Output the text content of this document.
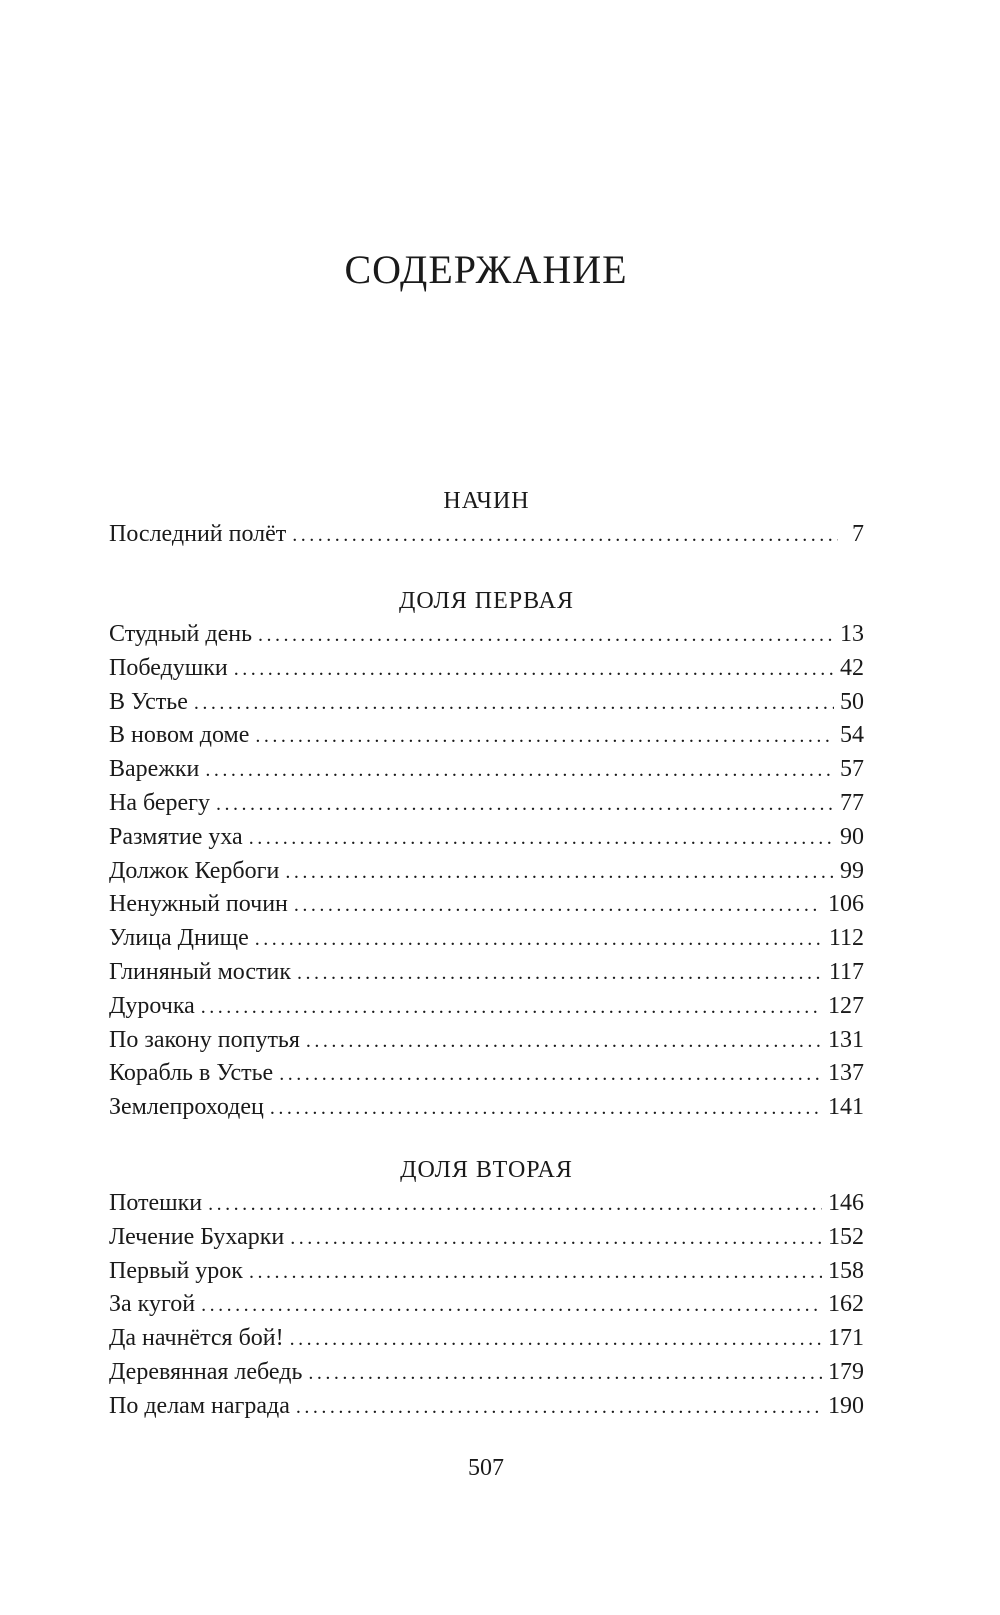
СОДЕРЖАНИЕ
НАЧИН
Последний полёт . . .	7
ДОЛЯ ПЕРВАЯ
Студный день . . .	13
Победушки . . .	42
В Устье . . .	50
В новом доме . . .	54
Варежки . . .	57
На берегу . . .	77
Размятие уха . . .	90
Должок Кербоги . . .	99
Ненужный почин . . .	106
Улица Днище . . .	112
Глиняный мостик . . .	117
Дурочка . . .	127
По закону попутья . . .	131
Корабль в Устье . . .	137
Землепроходец . . .	141
ДОЛЯ ВТОРАЯ
Потешки . . .	146
Лечение Бухарки . . .	152
Первый урок . . .	158
За кугой . . .	162
Да начнётся бой! . . .	171
Деревянная лебедь . . .	179
По делам награда . . .	190
507
